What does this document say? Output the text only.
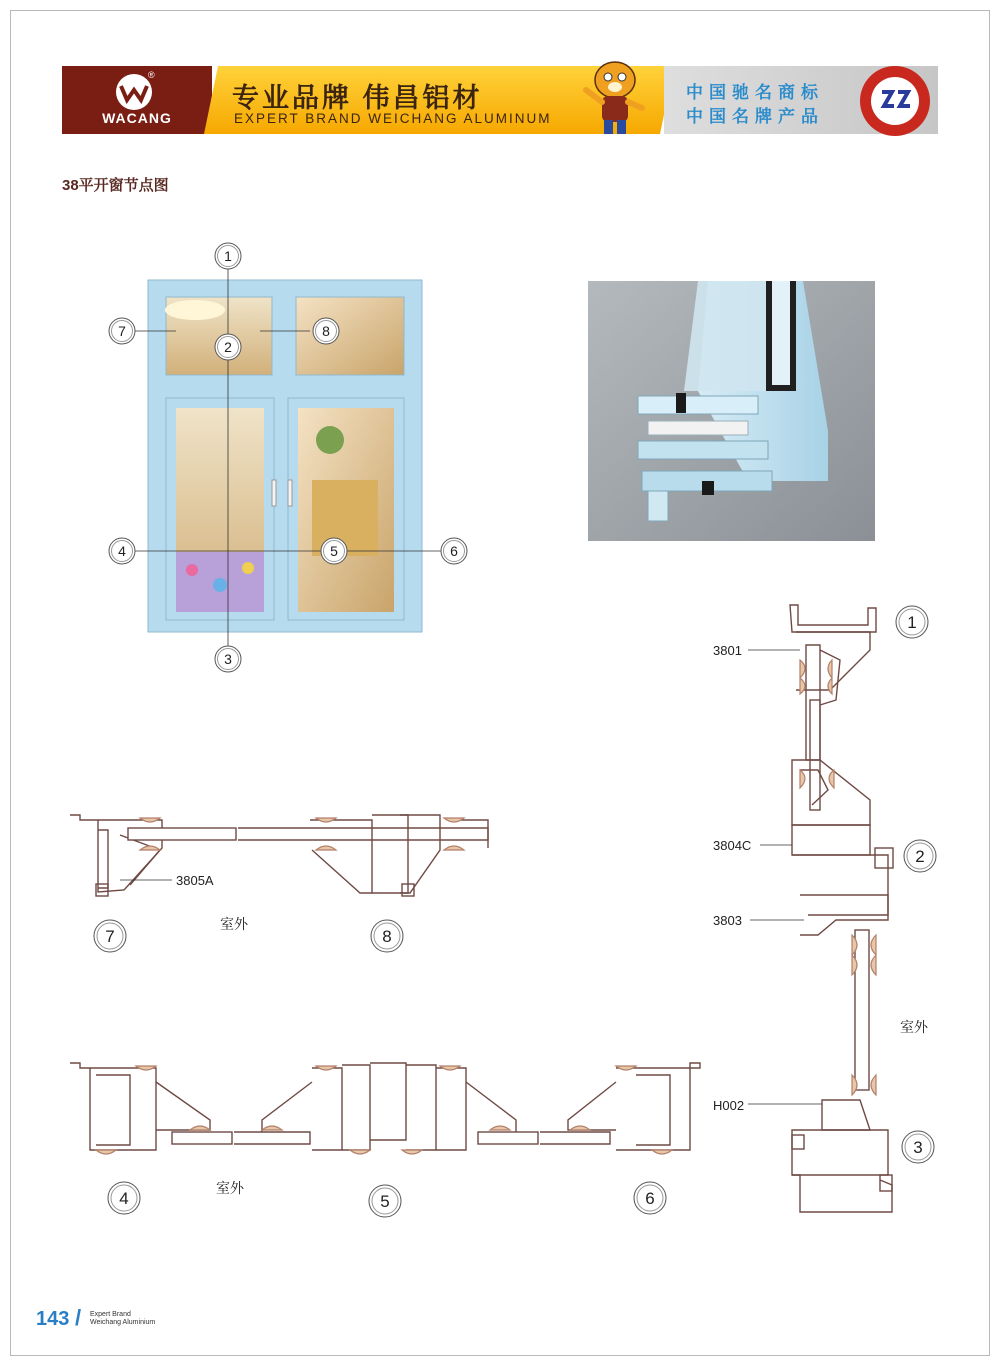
®
WACANG
专业品牌 伟昌铝材
EXPERT BRAND WEICHANG ALUMINUM
中国驰名商标
中国名牌产品
38平开窗节点图
1
2
3
4	5	6
7	8
1
2
3
7	8
4	5	6
3801
3804C
3803
H002
3805A
室外
室外
室外
143 / Expert Brand
Weichang Aluminium
